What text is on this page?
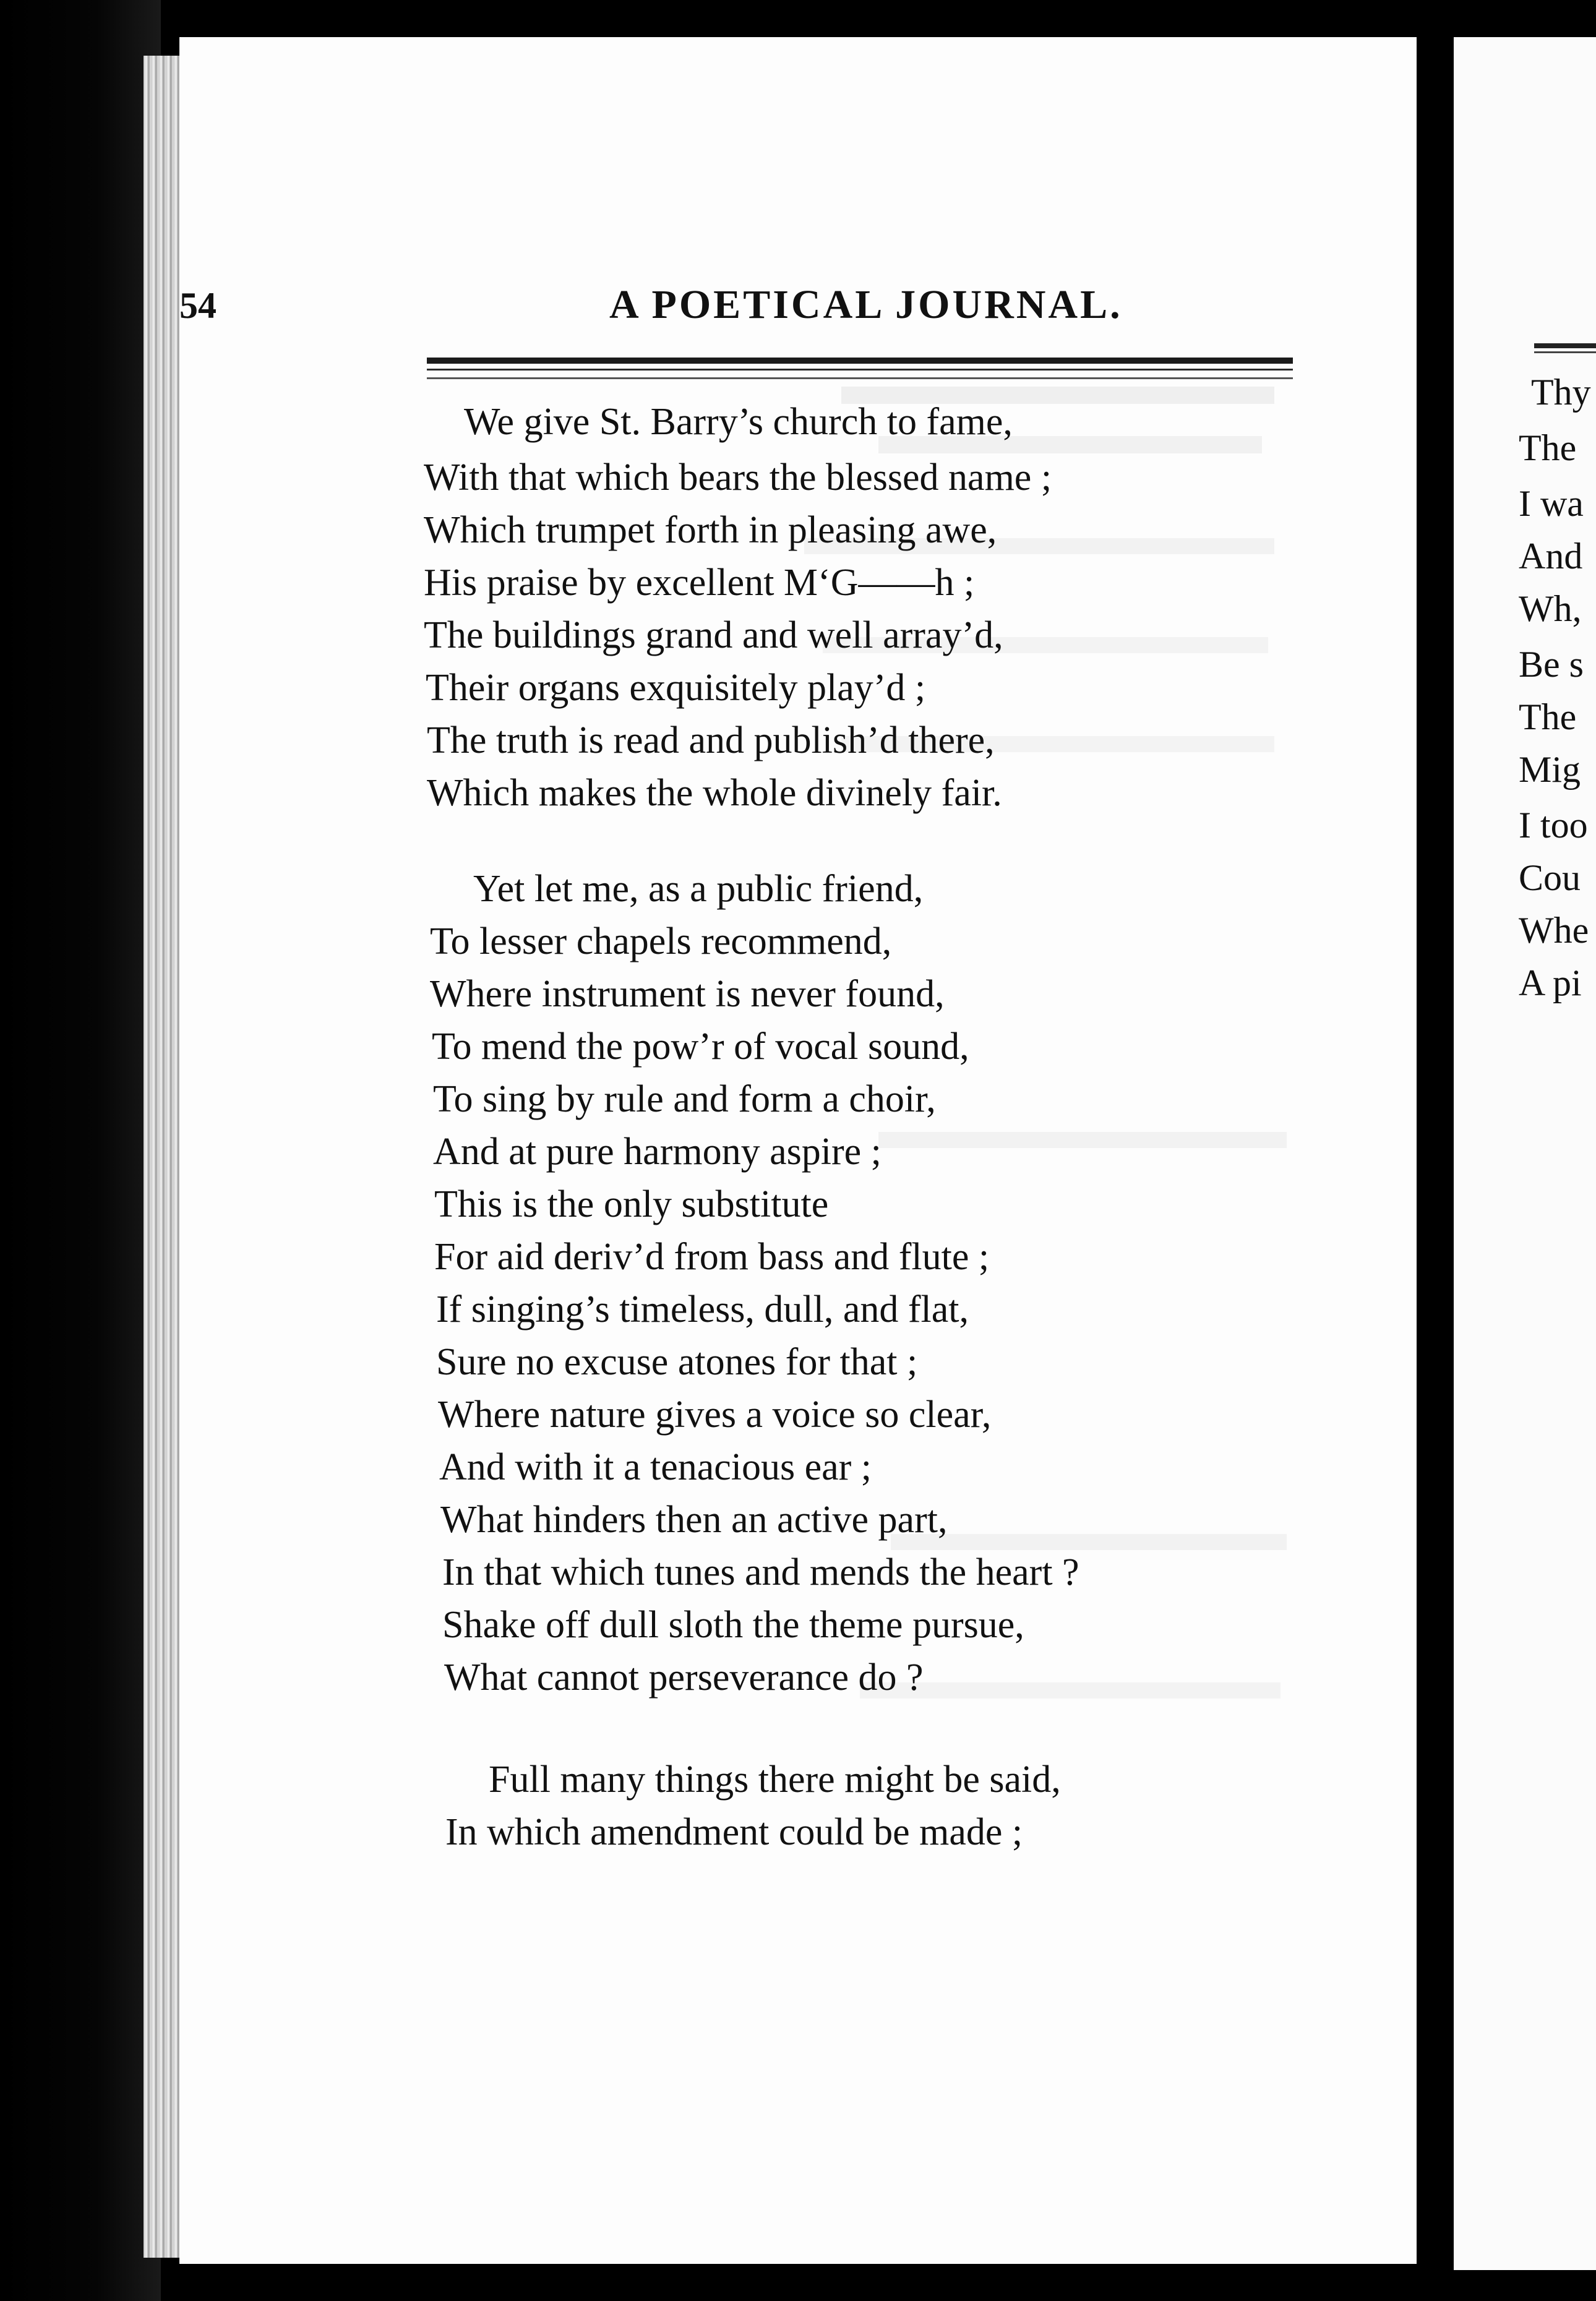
54	A POETICAL JOURNAL.
We give St. Barry’s church to fame,
With that which bears the blessed name ;
Which trumpet forth in pleasing awe,
His praise by excellent M‘G——h ;
The buildings grand and well array’d,
Their organs exquisitely play’d ;
The truth is read and publish’d there,
Which makes the whole divinely fair.
Yet let me, as a public friend,
To lesser chapels recommend,
Where instrument is never found,
To mend the pow’r of vocal sound,
To sing by rule and form a choir,
And at pure harmony aspire ;
This is the only substitute
For aid deriv’d from bass and flute ;
If singing’s timeless, dull, and flat,
Sure no excuse atones for that ;
Where nature gives a voice so clear,
And with it a tenacious ear ;
What hinders then an active part,
In that which tunes and mends the heart ?
Shake off dull sloth the theme pursue,
What cannot perseverance do ?
Full many things there might be said,
In which amendment could be made ;
Thy
The
I wa
And
Wh,
Be s
The
Mig
I too
Cou
Whe
A pi
